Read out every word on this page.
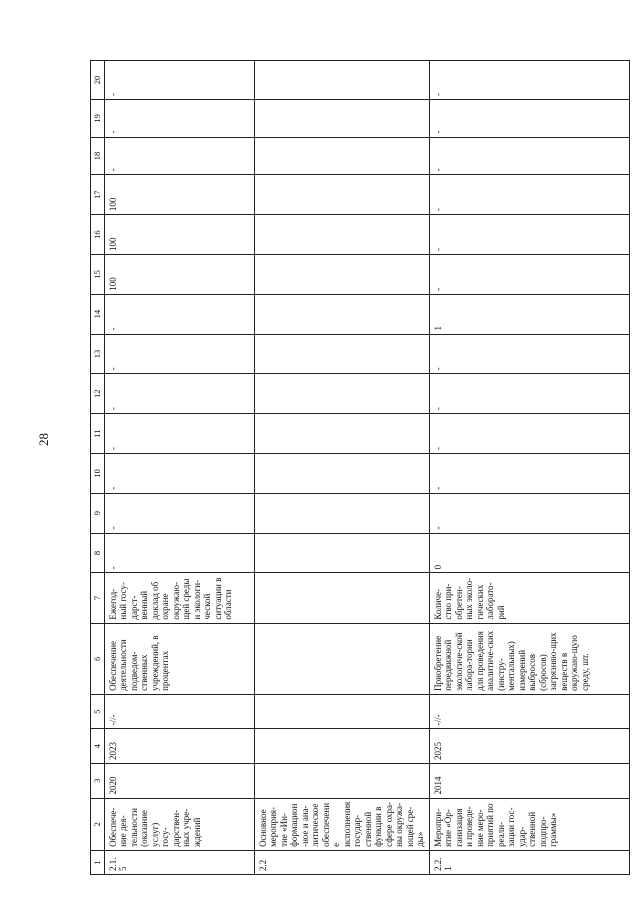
28
1	2	3	4	5	6	7	8	9	10	11	12	13	14	15	16	17	18	19	20
2.1.5	Обеспече-ние дея-тельности (оказание услуг) госу-дарствен-ных учре-ждений	2020	2023	-//-	Обеспечение деятельности подведом-ственных учреждений, в процентах	Ежегод-ный госу-дарст-венный доклад об охране окружаю-щей среды и экологи-ческой ситуации в области	-	-	-	-	-	-	-	100	100	100	-	-	-
2.2	Основное мероприя-тие «Ин-формацион-ное и ана-литическое обеспечение исполнения государ-ственной функции в сфере охра-ны окружа-ющей сре-ды»																		
2.2.1	Меропри-ятие «Ор-ганизация и проведе-ние меро-приятий по реали-зации гос-удар-ственной подпро-граммы»	2014	2025	-//-	Приобретение передвижной экологиче-ской лабора-тории для проведения аналитиче-ских (инстру-ментальных) измерений выбросов (сбросов) загрязняю-щих веществ в окружаю-щую среду, шт.	Количе-ство при-обретен-ных эколо-гических лаборато-рий	0	-	-	-	-	-	1	-	-	-	-	-	-
